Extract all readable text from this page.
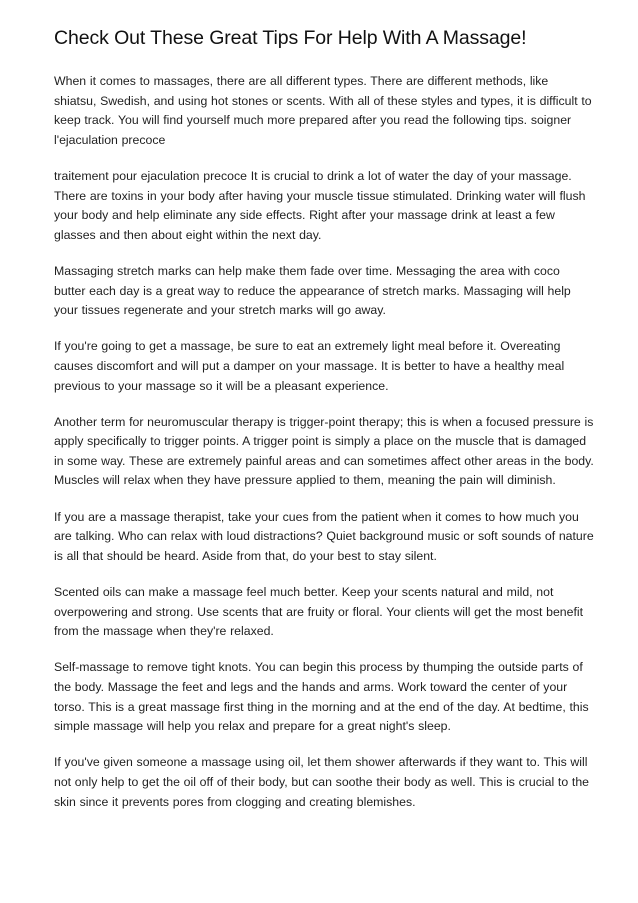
Check Out These Great Tips For Help With A Massage!

When it comes to massages, there are all different types. There are different methods, like shiatsu, Swedish, and using hot stones or scents. With all of these styles and types, it is difficult to keep track. You will find yourself much more prepared after you read the following tips. soigner l'ejaculation precoce

traitement pour ejaculation precoce It is crucial to drink a lot of water the day of your massage. There are toxins in your body after having your muscle tissue stimulated. Drinking water will flush your body and help eliminate any side effects. Right after your massage drink at least a few glasses and then about eight within the next day.

Massaging stretch marks can help make them fade over time. Messaging the area with coco butter each day is a great way to reduce the appearance of stretch marks. Massaging will help your tissues regenerate and your stretch marks will go away.

If you're going to get a massage, be sure to eat an extremely light meal before it. Overeating causes discomfort and will put a damper on your massage. It is better to have a healthy meal previous to your massage so it will be a pleasant experience.

Another term for neuromuscular therapy is trigger-point therapy; this is when a focused pressure is apply specifically to trigger points. A trigger point is simply a place on the muscle that is damaged in some way. These are extremely painful areas and can sometimes affect other areas in the body. Muscles will relax when they have pressure applied to them, meaning the pain will diminish.

If you are a massage therapist, take your cues from the patient when it comes to how much you are talking. Who can relax with loud distractions? Quiet background music or soft sounds of nature is all that should be heard. Aside from that, do your best to stay silent.

Scented oils can make a massage feel much better. Keep your scents natural and mild, not overpowering and strong. Use scents that are fruity or floral. Your clients will get the most benefit from the massage when they're relaxed.

Self-massage to remove tight knots. You can begin this process by thumping the outside parts of the body. Massage the feet and legs and the hands and arms. Work toward the center of your torso. This is a great massage first thing in the morning and at the end of the day. At bedtime, this simple massage will help you relax and prepare for a great night's sleep.

If you've given someone a massage using oil, let them shower afterwards if they want to. This will not only help to get the oil off of their body, but can soothe their body as well. This is crucial to the skin since it prevents pores from clogging and creating blemishes.
